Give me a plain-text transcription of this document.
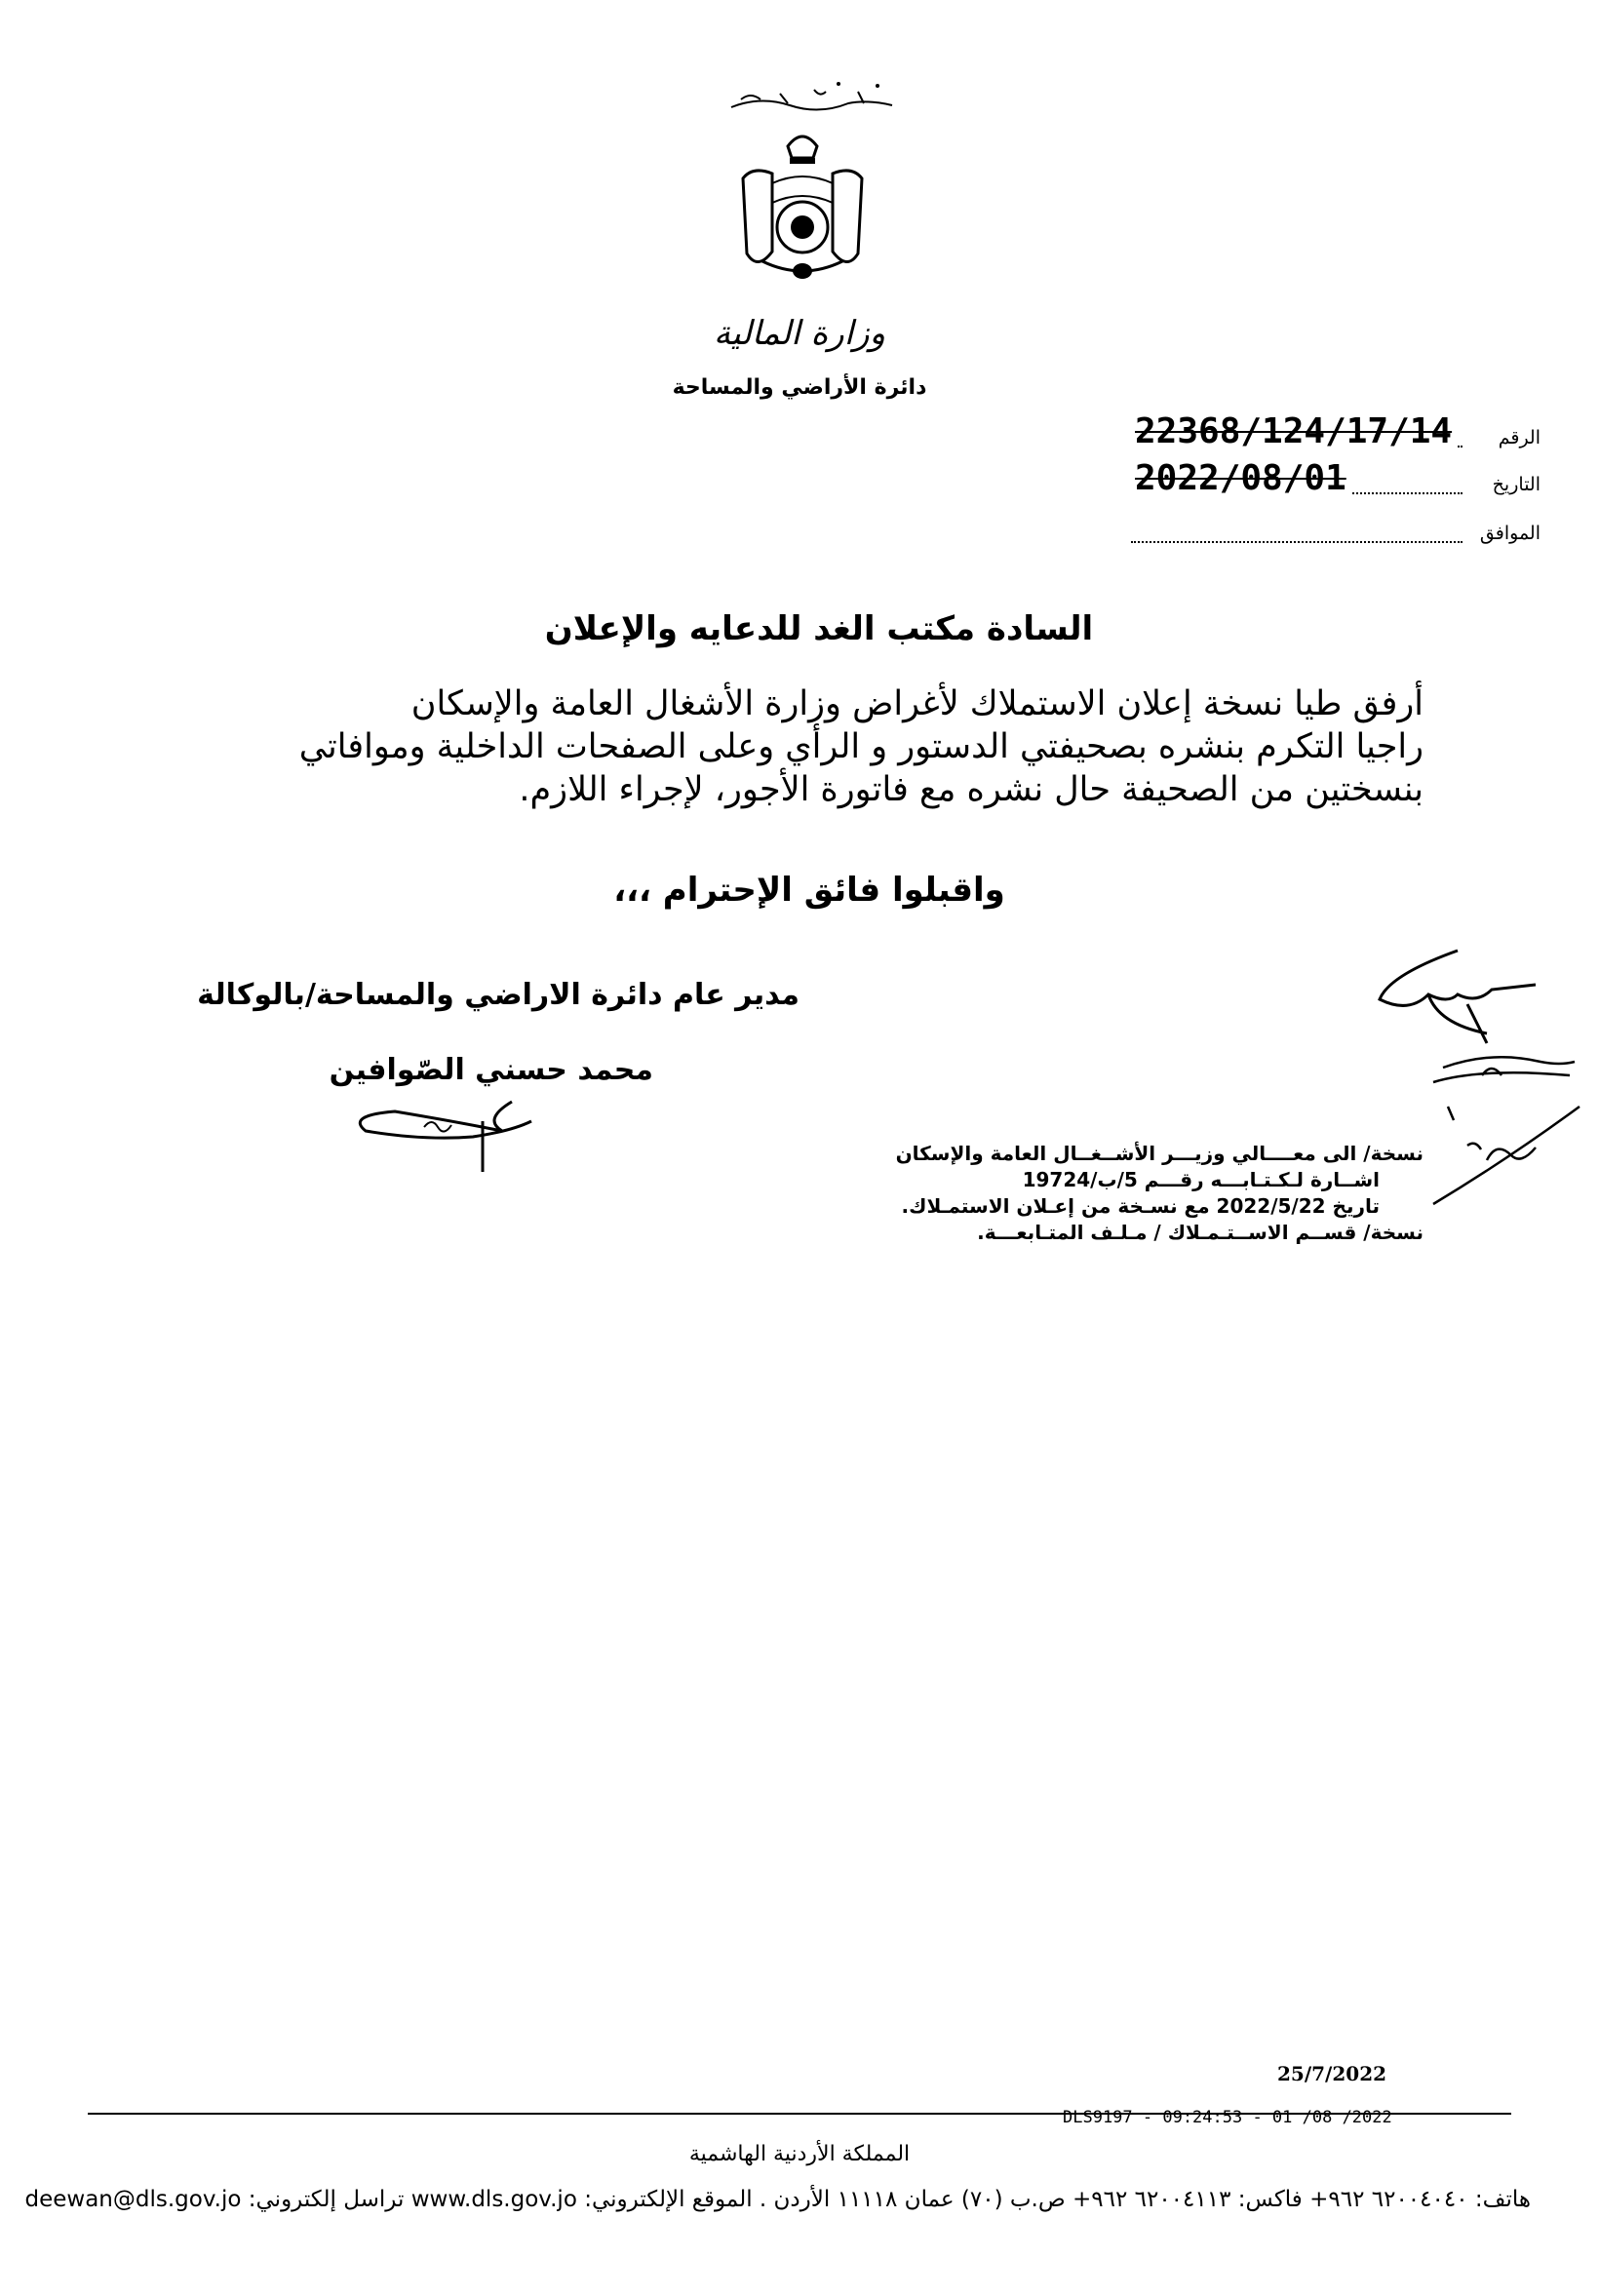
وزارة المالية
دائرة الأراضي والمساحة
الرقم
22368/124/17/14
التاريخ
2022/08/01
الموافق
السادة مكتب الغد للدعايه والإعلان
أرفق طيا نسخة إعلان الاستملاك لأغراض وزارة الأشغال العامة والإسكان
راجيا التكرم بنشره بصحيفتي الدستور و الرأي وعلى الصفحات الداخلية وموافاتي
بنسختين من الصحيفة حال نشره مع فاتورة الأجور، لإجراء اللازم.
واقبلوا فائق الإحترام ،،،
مدير عام دائرة الاراضي والمساحة/بالوكالة
محمد حسني الصّوافين
نسخة/ الى معــــالي وزيـــر الأشــغــال العامة والإسكان
اشــارة لـكـتـابـــه رقـــم 5/ب/19724
تاريخ 2022/5/22 مع نسـخة من إعـلان الاستمـلاك.
نسخة/ قســم الاســتـمـلاك / مـلـف المتـابعـــة.
25/7/2022
DLS9197 - 09:24:53 - 01 /08 /2022
المملكة الأردنية الهاشمية
هاتف: ٦٢٠٠٤٠٤٠ ٩٦٢+ فاكس: ٦٢٠٠٤١١٣ ٩٦٢+ ص.ب (٧٠) عمان ١١١١٨ الأردن . الموقع الإلكتروني: www.dls.gov.jo تراسل إلكتروني: deewan@dls.gov.jo
